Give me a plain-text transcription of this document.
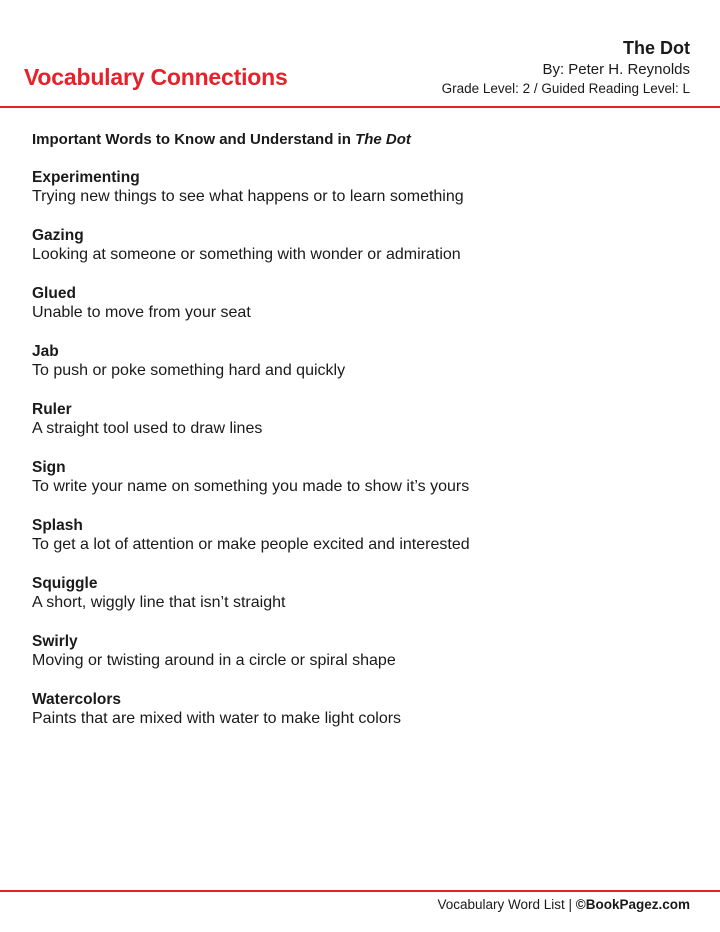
Vocabulary Connections
The Dot
By: Peter H. Reynolds
Grade Level: 2 / Guided Reading Level: L

Important Words to Know and Understand in The Dot

Experimenting
Trying new things to see what happens or to learn something
Gazing
Looking at someone or something with wonder or admiration
Glued
Unable to move from your seat
Jab
To push or poke something hard and quickly
Ruler
A straight tool used to draw lines
Sign
To write your name on something you made to show it’s yours
Splash
To get a lot of attention or make people excited and interested
Squiggle
A short, wiggly line that isn’t straight
Swirly
Moving or twisting around in a circle or spiral shape
Watercolors
Paints that are mixed with water to make light colors
Vocabulary Word List | ©BookPagez.com
